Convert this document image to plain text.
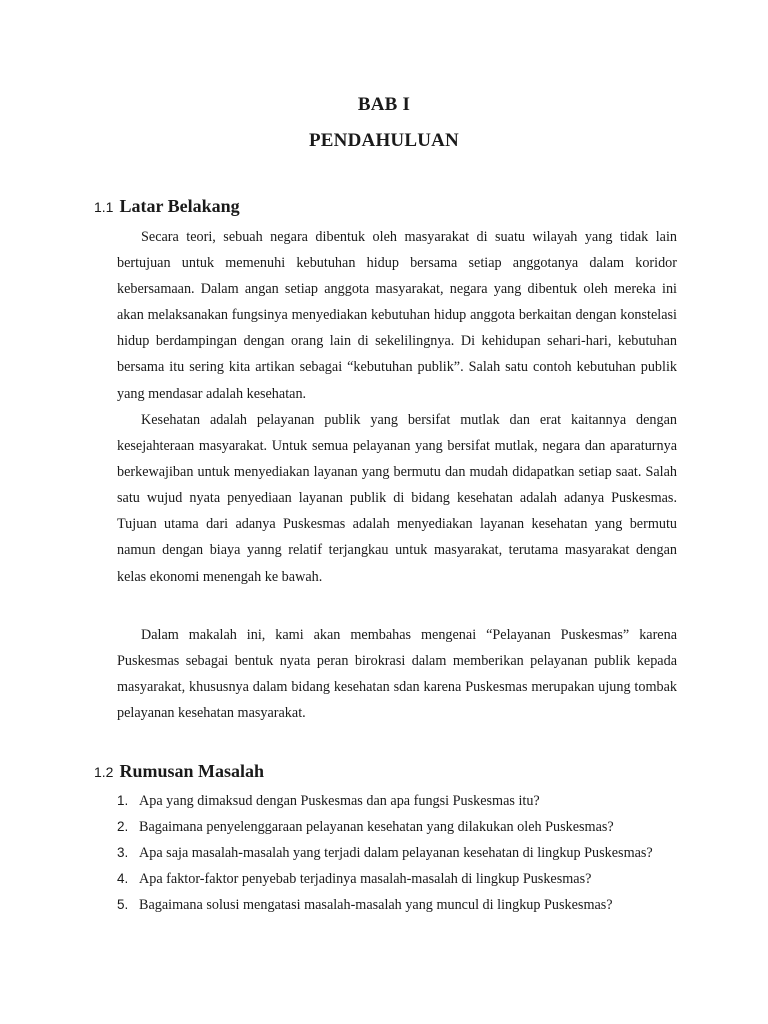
BAB I
PENDAHULUAN
1.1 Latar Belakang

Secara teori, sebuah negara dibentuk oleh masyarakat di suatu wilayah yang tidak lain bertujuan untuk memenuhi kebutuhan hidup bersama setiap anggotanya dalam koridor kebersamaan. Dalam angan setiap anggota masyarakat, negara yang dibentuk oleh mereka ini akan melaksanakan fungsinya menyediakan kebutuhan hidup anggota berkaitan dengan konstelasi hidup berdampingan dengan orang lain di sekelilingnya. Di kehidupan sehari-hari, kebutuhan bersama itu sering kita artikan sebagai “kebutuhan publik”. Salah satu contoh kebutuhan publik yang mendasar adalah kesehatan.

Kesehatan adalah pelayanan publik yang bersifat mutlak dan erat kaitannya dengan kesejahteraan masyarakat. Untuk semua pelayanan yang bersifat mutlak, negara dan aparaturnya berkewajiban untuk menyediakan layanan yang bermutu dan mudah didapatkan setiap saat. Salah satu wujud nyata penyediaan layanan publik di bidang kesehatan adalah adanya Puskesmas. Tujuan utama dari adanya Puskesmas adalah menyediakan layanan kesehatan yang bermutu namun dengan biaya yanng relatif terjangkau untuk masyarakat, terutama masyarakat dengan kelas ekonomi menengah ke bawah.

Dalam makalah ini, kami akan membahas mengenai “Pelayanan Puskesmas” karena Puskesmas sebagai bentuk nyata peran birokrasi dalam memberikan pelayanan publik kepada masyarakat, khususnya dalam bidang kesehatan sdan karena Puskesmas merupakan ujung tombak pelayanan kesehatan masyarakat.

1.2 Rumusan Masalah
1. Apa yang dimaksud dengan Puskesmas dan apa fungsi Puskesmas itu?
2. Bagaimana penyelenggaraan pelayanan kesehatan yang dilakukan oleh Puskesmas?
3. Apa saja masalah-masalah yang terjadi dalam pelayanan kesehatan di lingkup Puskesmas?
4. Apa faktor-faktor penyebab terjadinya masalah-masalah di lingkup Puskesmas?
5. Bagaimana solusi mengatasi masalah-masalah yang muncul di lingkup Puskesmas?
